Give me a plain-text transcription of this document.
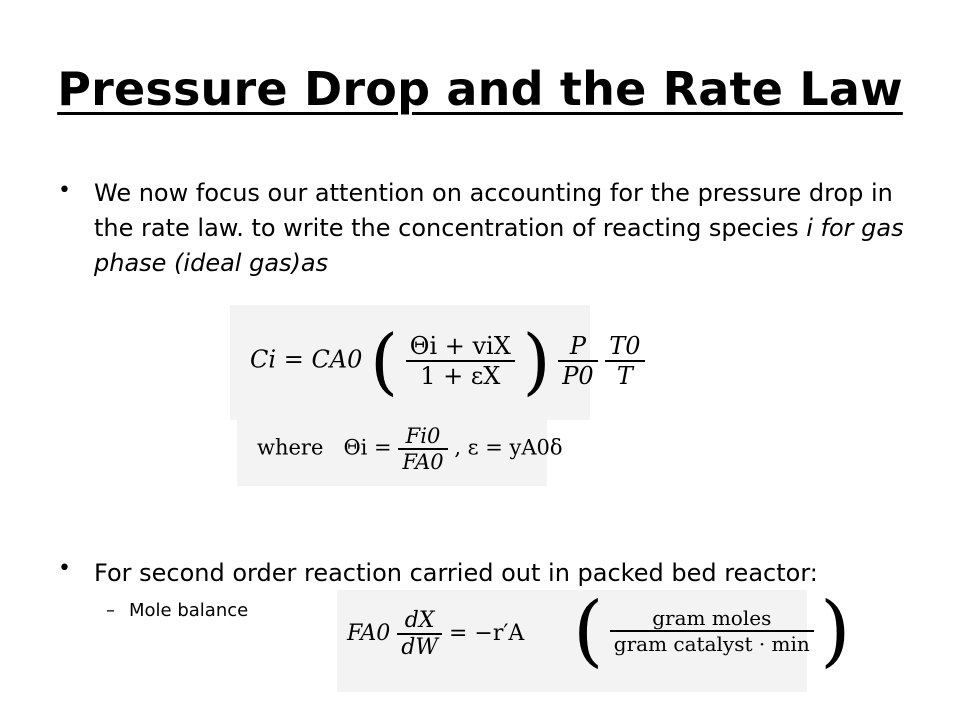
Pressure Drop and the Rate Law
• We now focus our attention on accounting for the pressure drop in the rate law. to write the concentration of reacting species i for gas phase (ideal gas)as
Ci = CA0 ( $\frac{\text{Θi + viX}}{1 + \varepsilon X}$ ) $\frac{P}{P0}$
$\frac{T0}{T}$
where $\Theta i = \frac{Fi0}{FA0}$ , ε = yA0δ
• For second order reaction carried out in packed bed reactor:
– Mole balance
$FA0 \frac{dX}{dW} = -r'A$ ( $\frac{\text{gram moles}}{\text{gram catalyst · min}}$ )
